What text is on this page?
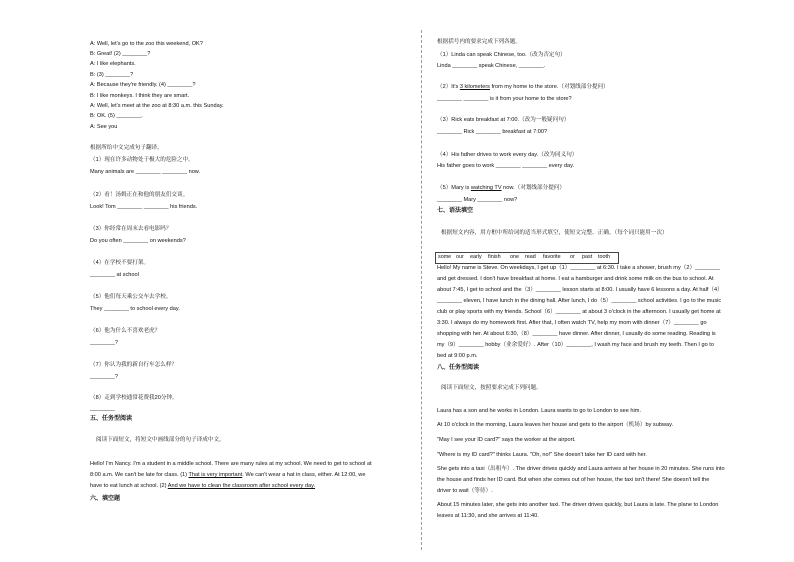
A: Well, let's go to the zoo this weekend, OK?
B: Great! (2) ________?
A: I like elephants.
B: (3) ________?
A: Because they're friendly. (4) ________?
B: I like monkeys. I think they are smart.
A: Well, let's meet at the zoo at 8:30 a.m. this Sunday.
B: OK. (5) ________.
A: See you
根据所给中文完成句子翻译。
（1）现在许多动物处于极大的危险之中。
Many animals are ________ ________ now.
（2）看！汤姆正在和他的朋友们交谈。
Look! Tom ________ ________ his friends.
（3）你经常在周末去看电影吗？
Do you often ________ on weekends?
（4）在学校不要打架。
________ at school
（5）他们每天乘公交车去学校。
They ________ to school every day.
（6）他为什么不喜欢老虎？
________?
（7）你认为我的新自行车怎么样？
________?
（8）走到学校通常花费我20分钟。
________
五、任务型阅读
阅读下面短文，将短文中画线部分的句子译成中文。
Hello! I'm Nancy. I'm a student in a middle school. There are many rules at my school. We need to get to school at
8:00 a.m. We can't be late for class. (1) That is very important. We can't wear a hat in class, either. At 12:00, we
have to eat lunch at school. (2) And we have to clean the classroom after school every day.
六、填空题
根据括号内的要求完成下列各题。
（1）Linda can speak Chinese, too.（改为否定句）
Linda ________ speak Chinese, ________.
（2）It's 3 kilometers from my home to the store.（对划线部分提问）
________ ________ is it from your home to the store?
（3）Rick eats breakfast at 7:00.（改为一般疑问句）
________ Rick ________ breakfast at 7:00?
（4）His father drives to work every day.（改为同义句）
His father goes to work ________ ________ every day.
（5）Mary is watching TV now.（对划线部分提问）
________ Mary ________ now?
七、语法填空
根据短文内容，用方框中所给词的适当形式填空，使短文完整、正确。（每个词只能用一次）
some our early finish one read favorite or past tooth
Hello! My name is Steve. On weekdays, I get up（1）________ at 6:30. I take a shower, brush my（2）________
and get dressed. I don't have breakfast at home. I eat a hamburger and drink some milk on the bus to school. At
about 7:45, I get to school and the（3）________ lesson starts at 8:00. I usually have 6 lessons a day. At half（4）
________ eleven, I have lunch in the dining hall. After lunch, I do（5）________ school activities. I go to the music
club or play sports with my friends. School（6）________ at about 3 o'clock in the afternoon. I usually get home at
3:30. I always do my homework first. After that, I often watch TV, help my mom with dinner（7）________ go
shopping with her. At about 6:30,（8）________ have dinner. After dinner, I usually do some reading. Reading is
my（9）________ hobby（业余爱好）. After（10）________, I wash my face and brush my teeth. Then I go to
bed at 9:00 p.m.
八、任务型阅读
阅读下面短文，按照要求完成下列问题。
Laura has a son and he works in London. Laura wants to go to London to see him.
At 10 o'clock in the morning, Laura leaves her house and gets to the airport（机场）by subway.
"May I see your ID card?" says the worker at the airport.
"Where is my ID card?" thinks Laura. "Oh, no!" She doesn't take her ID card with her.
She gets into a taxi（出租车）. The driver drives quickly and Laura arrives at her house in 20 minutes. She runs into
the house and finds her ID card. But when she comes out of her house, the taxi isn't there! She doesn't tell the
driver to wait（等待）.
About 15 minutes later, she gets into another taxi. The driver drives quickly, but Laura is late. The plane to London
leaves at 11:30, and she arrives at 11:40.
